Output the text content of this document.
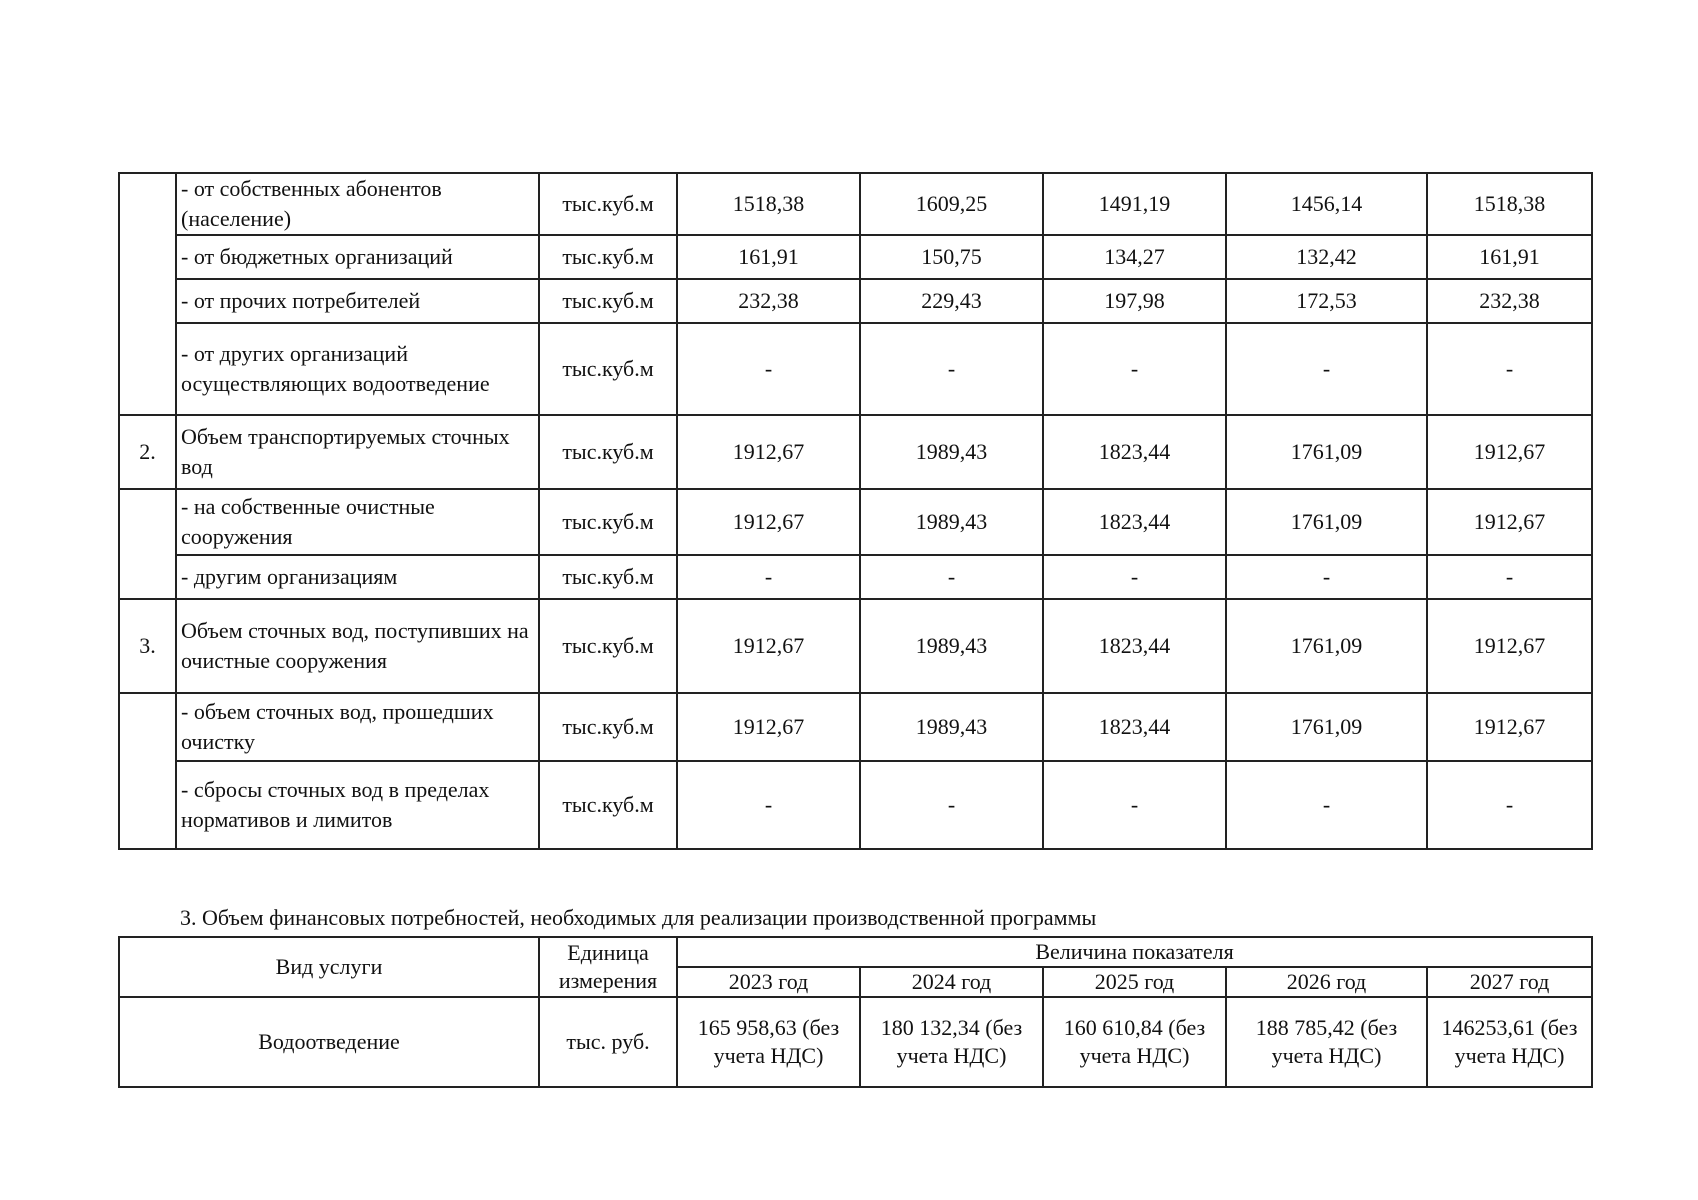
	- от собственных абонентов (население)	тыс.куб.м	1518,38	1609,25	1491,19	1456,14	1518,38
	- от бюджетных организаций	тыс.куб.м	161,91	150,75	134,27	132,42	161,91
	- от прочих потребителей	тыс.куб.м	232,38	229,43	197,98	172,53	232,38
	- от других организаций осуществляющих водоотведение	тыс.куб.м	-	-	-	-	-
2.	Объем транспортируемых сточных вод	тыс.куб.м	1912,67	1989,43	1823,44	1761,09	1912,67
	- на собственные очистные сооружения	тыс.куб.м	1912,67	1989,43	1823,44	1761,09	1912,67
	- другим организациям	тыс.куб.м	-	-	-	-	-
3.	Объем сточных вод, поступивших на очистные сооружения	тыс.куб.м	1912,67	1989,43	1823,44	1761,09	1912,67
	- объем сточных вод, прошедших очистку	тыс.куб.м	1912,67	1989,43	1823,44	1761,09	1912,67
	- сбросы сточных вод в пределах нормативов и лимитов	тыс.куб.м	-	-	-	-	-
3. Объем финансовых потребностей, необходимых для реализации производственной программы
Вид услуги	Единица измерения	Величина показателя				
		2023 год	2024 год	2025 год	2026 год	2027 год
Водоотведение	тыс. руб.	165 958,63 (без учета НДС)	180 132,34 (без учета НДС)	160 610,84 (без учета НДС)	188 785,42 (без учета НДС)	146253,61 (без учета НДС)
